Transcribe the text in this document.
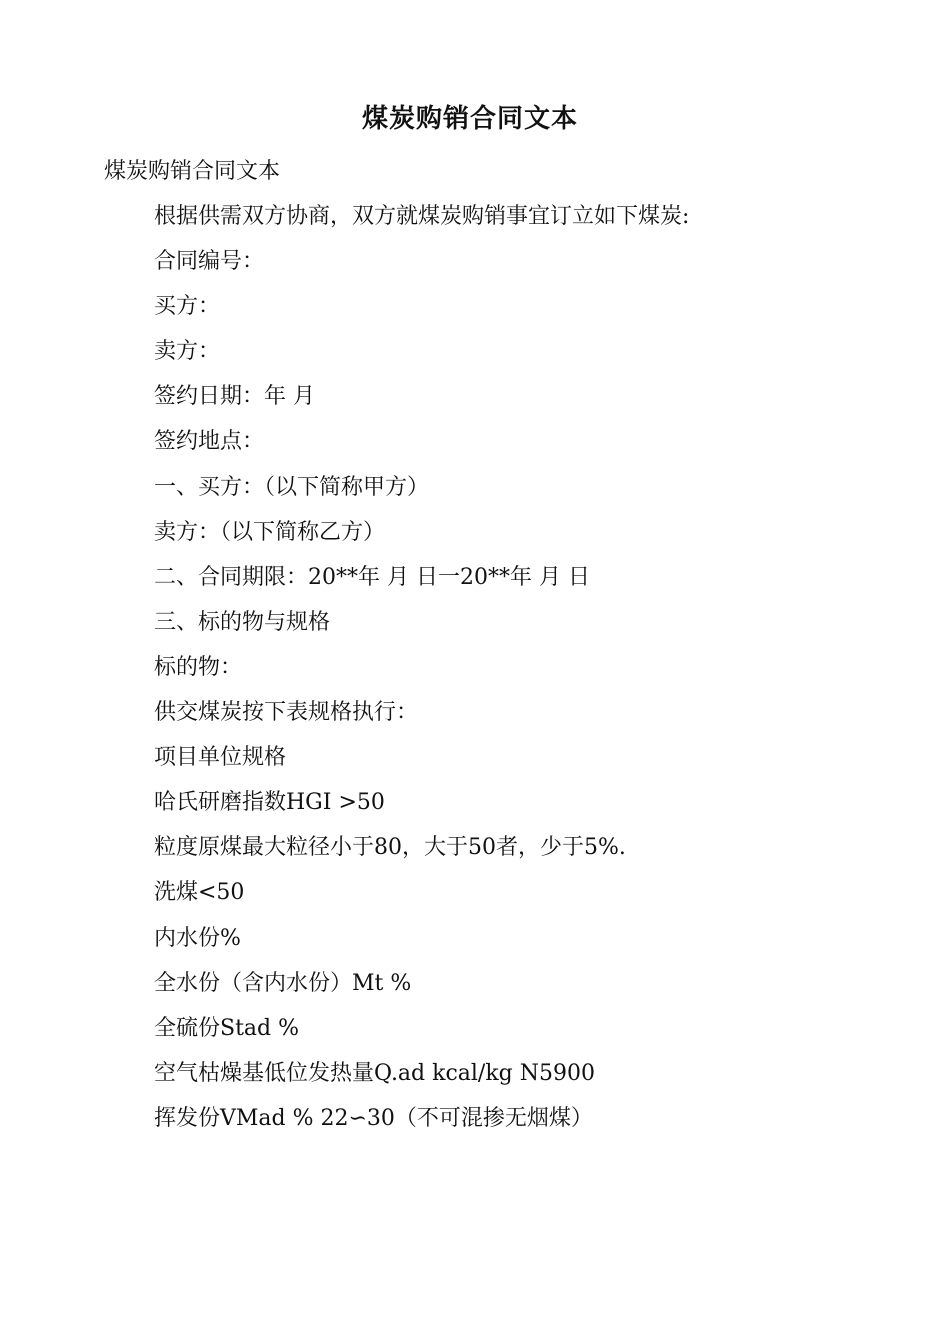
煤炭购销合同文本
煤炭购销合同文本
根据供需双方协商，双方就煤炭购销事宜订立如下煤炭:
合同编号：
买方：
卖方：
签约日期：年 月
签约地点：
一、买方：（以下简称甲方）
卖方：（以下简称乙方）
二、合同期限：20**年 月 日一20**年 月 日
三、标的物与规格
标的物：
供交煤炭按下表规格执行：
项目单位规格
哈氏研磨指数HGI >50
粒度原煤最大粒径小于80，大于50者，少于5%.
洗煤<50
内水份%
全水份（含内水份）Mt %
全硫份Stad %
空气枯燥基低位发热量Q.ad kcal/kg N5900
挥发份VMad % 22∽30（不可混掺无烟煤）
